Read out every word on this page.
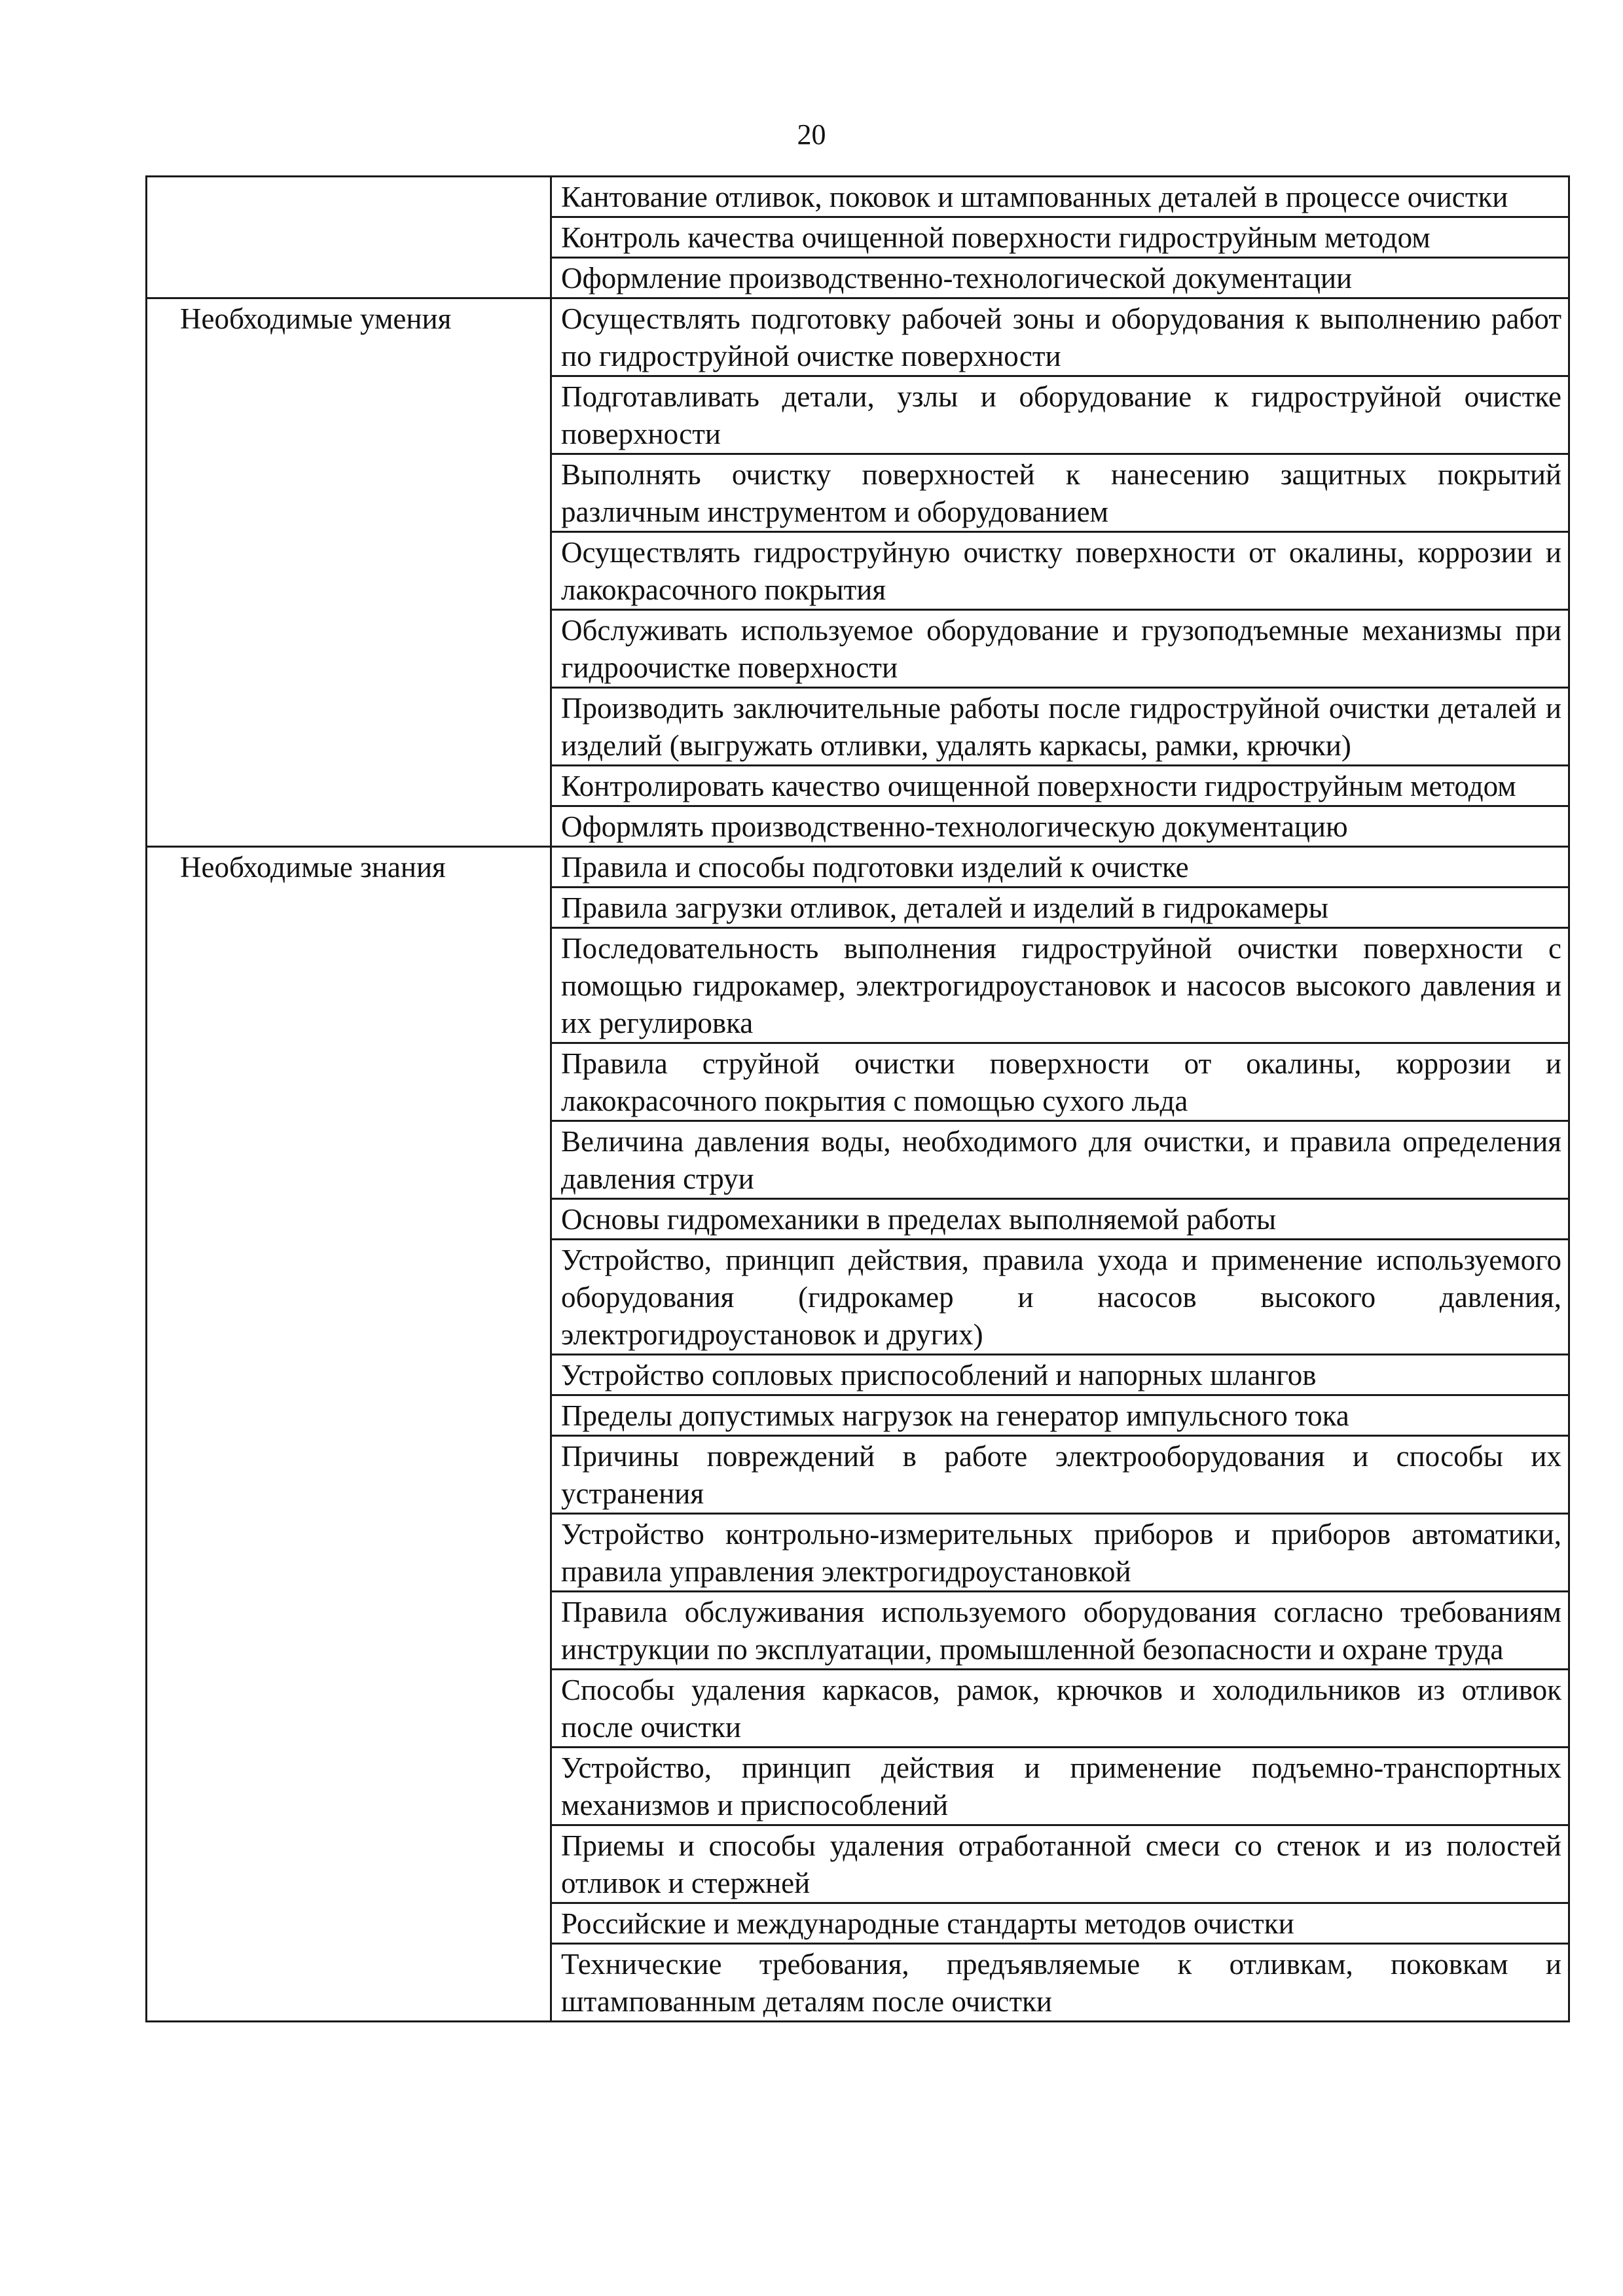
20
	Кантование отливок, поковок и штампованных деталей в процессе очистки
	Контроль качества очищенной поверхности гидроструйным методом
	Оформление производственно-технологической документации
Необходимые умения	Осуществлять подготовку рабочей зоны и оборудования к выполнению работ по гидроструйной очистке поверхности
	Подготавливать детали, узлы и оборудование к гидроструйной очистке поверхности
	Выполнять очистку поверхностей к нанесению защитных покрытий различным инструментом и оборудованием
	Осуществлять гидроструйную очистку поверхности от окалины, коррозии и лакокрасочного покрытия
	Обслуживать используемое оборудование и грузоподъемные механизмы при гидроочистке поверхности
	Производить заключительные работы после гидроструйной очистки деталей и изделий (выгружать отливки, удалять каркасы, рамки, крючки)
	Контролировать качество очищенной поверхности гидроструйным методом
	Оформлять производственно-технологическую документацию
Необходимые знания	Правила и способы подготовки изделий к очистке
	Правила загрузки отливок, деталей и изделий в гидрокамеры
	Последовательность выполнения гидроструйной очистки поверхности с помощью гидрокамер, электрогидроустановок и насосов высокого давления и их регулировка
	Правила струйной очистки поверхности от окалины, коррозии и лакокрасочного покрытия с помощью сухого льда
	Величина давления воды, необходимого для очистки, и правила определения давления струи
	Основы гидромеханики в пределах выполняемой работы
	Устройство, принцип действия, правила ухода и применение используемого оборудования (гидрокамер и насосов высокого давления, электрогидроустановок и других)
	Устройство сопловых приспособлений и напорных шлангов
	Пределы допустимых нагрузок на генератор импульсного тока
	Причины повреждений в работе электрооборудования и способы их устранения
	Устройство контрольно-измерительных приборов и приборов автоматики, правила управления электрогидроустановкой
	Правила обслуживания используемого оборудования согласно требованиям инструкции по эксплуатации, промышленной безопасности и охране труда
	Способы удаления каркасов, рамок, крючков и холодильников из отливок после очистки
	Устройство, принцип действия и применение подъемно-транспортных механизмов и приспособлений
	Приемы и способы удаления отработанной смеси со стенок и из полостей отливок и стержней
	Российские и международные стандарты методов очистки
	Технические требования, предъявляемые к отливкам, поковкам и штампованным деталям после очистки
